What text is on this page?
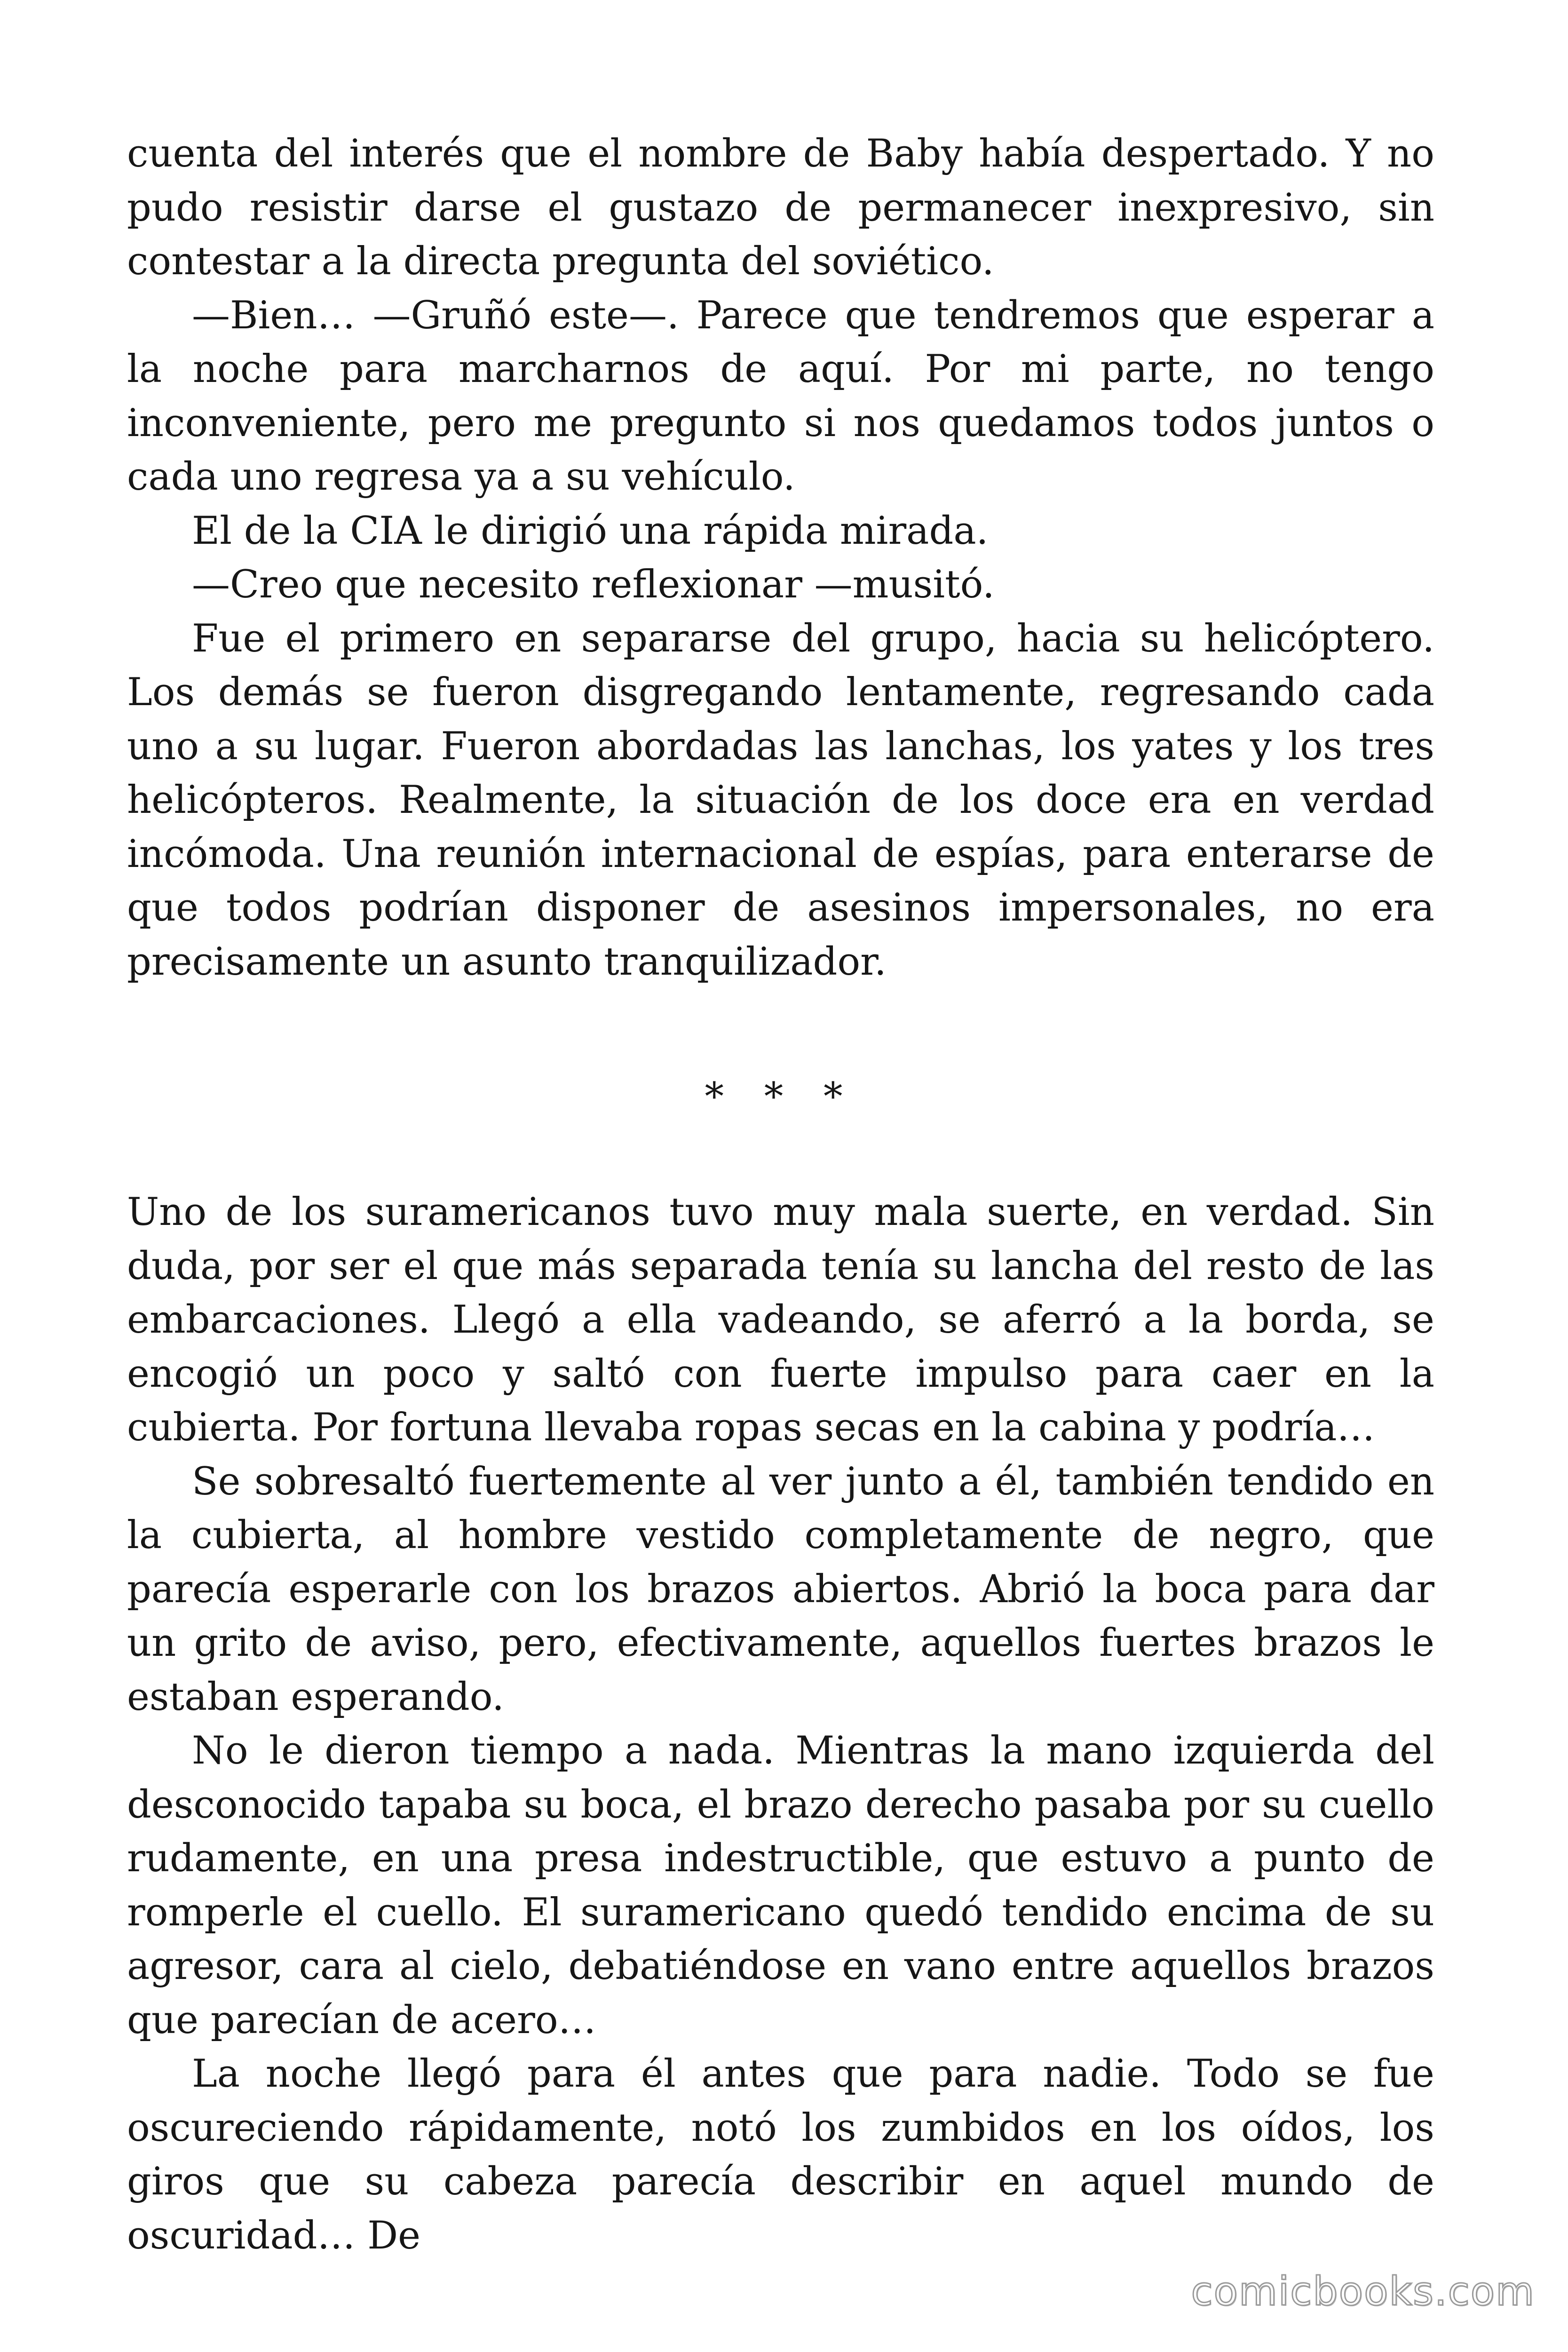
cuenta del interés que el nombre de Baby había despertado. Y no pudo resistir darse el gustazo de permanecer inexpresivo, sin contestar a la directa pregunta del soviético.

—Bien… —Gruñó este—. Parece que tendremos que esperar a la noche para marcharnos de aquí. Por mi parte, no tengo inconveniente, pero me pregunto si nos quedamos todos juntos o cada uno regresa ya a su vehículo.

El de la CIA le dirigió una rápida mirada.

—Creo que necesito reflexionar —musitó.

Fue el primero en separarse del grupo, hacia su helicóptero. Los demás se fueron disgregando lentamente, regresando cada uno a su lugar. Fueron abordadas las lanchas, los yates y los tres helicópteros. Realmente, la situación de los doce era en verdad incómoda. Una reunión internacional de espías, para enterarse de que todos podrían disponer de asesinos impersonales, no era precisamente un asunto tranquilizador.

* * *

Uno de los suramericanos tuvo muy mala suerte, en verdad. Sin duda, por ser el que más separada tenía su lancha del resto de las embarcaciones. Llegó a ella vadeando, se aferró a la borda, se encogió un poco y saltó con fuerte impulso para caer en la cubierta. Por fortuna llevaba ropas secas en la cabina y podría…

Se sobresaltó fuertemente al ver junto a él, también tendido en la cubierta, al hombre vestido completamente de negro, que parecía esperarle con los brazos abiertos. Abrió la boca para dar un grito de aviso, pero, efectivamente, aquellos fuertes brazos le estaban esperando.

No le dieron tiempo a nada. Mientras la mano izquierda del desconocido tapaba su boca, el brazo derecho pasaba por su cuello rudamente, en una presa indestructible, que estuvo a punto de romperle el cuello. El suramericano quedó tendido encima de su agresor, cara al cielo, debatiéndose en vano entre aquellos brazos que parecían de acero…

La noche llegó para él antes que para nadie. Todo se fue oscureciendo rápidamente, notó los zumbidos en los oídos, los giros que su cabeza parecía describir en aquel mundo de oscuridad… De

comicbooks.com
